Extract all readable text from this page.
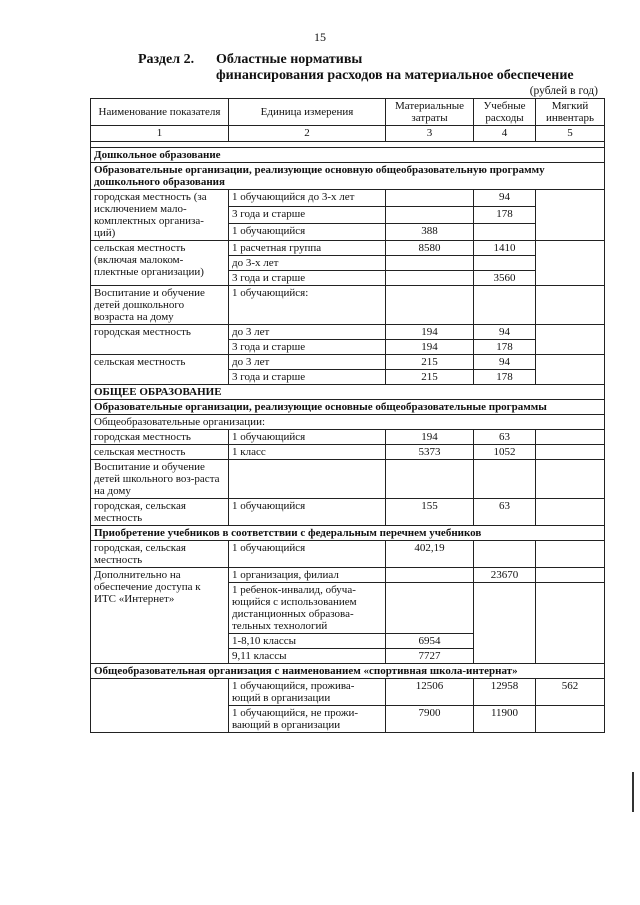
15
Раздел 2. Областные нормативы
финансирования расходов на материальное обеспечение
(рублей в год)
Наименование показателя	Единица измерения	Материальные затраты	Учебные расходы	Мягкий инвентарь
1	2	3	4	5

Дошкольное образование				
Образовательные организации, реализующие основную общеобразовательную программу дошкольного образования				
городская местность (за исключением мало-комплектных организа-ций)	1 обучающийся до 3-х лет		94	
	3 года и старше		178	
	1 обучающийся	388		
сельская местность (включая малоком-плектные организации)	1 расчетная группа	8580	1410	
	до 3-х лет			
	3 года и старше		3560	
Воспитание и обучение детей дошкольного возраста на дому	1 обучающийся:			
городская местность	до 3 лет	194	94	
	3 года и старше	194	178	
сельская местность	до 3 лет	215	94	
	3 года и старше	215	178	
ОБЩЕЕ ОБРАЗОВАНИЕ				
Образовательные организации, реализующие основные общеобразовательные программы				
Общеобразовательные организации:				
городская местность	1 обучающийся	194	63	
сельская местность	1 класс	5373	1052	
Воспитание и обучение детей школьного воз-раста на дому				
городская, сельская местность	1 обучающийся	155	63	
Приобретение учебников в соответствии с федеральным перечнем учебников				
городская, сельская местность	1 обучающийся	402,19		
Дополнительно на обеспечение доступа к ИТС «Интернет»	1 организация, филиал		23670	
	1 ребенок-инвалид, обуча-ющийся с использованием дистанционных образова-тельных технологий			
	1-8,10 классы	6954		
	9,11 классы	7727		
Общеобразовательная организация с наименованием «спортивная школа-интернат»				
	1 обучающийся, прожива-ющий в организации	12506	12958	562
	1 обучающийся, не прожи-вающий в организации	7900	11900	
